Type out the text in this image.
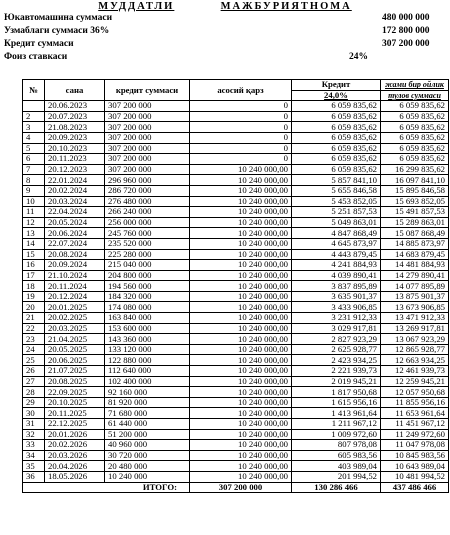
МУДДАТЛИ	МАЖБУРИЯТНОМА
Юкавтомашина суммаси	480 000 000
Узмаблаги суммаси 36%	172 800 000
Кредит суммаси	307 200 000
Фоиз ставкаси	24%
№	сана	кредит суммаси	асосий қарз	Кредит	жами бир ойлик
				24,0%	тулов суммаси
	20.06.2023	307 200 000	0	6 059 835,62	6 059 835,62
2	20.07.2023	307 200 000	0	6 059 835,62	6 059 835,62
3	21.08.2023	307 200 000	0	6 059 835,62	6 059 835,62
4	20.09.2023	307 200 000	0	6 059 835,62	6 059 835,62
5	20.10.2023	307 200 000	0	6 059 835,62	6 059 835,62
6	20.11.2023	307 200 000	0	6 059 835,62	6 059 835,62
7	20.12.2023	307 200 000	10 240 000,00	6 059 835,62	16 299 835,62
8	22.01.2024	296 960 000	10 240 000,00	5 857 841,10	16 097 841,10
9	20.02.2024	286 720 000	10 240 000,00	5 655 846,58	15 895 846,58
10	20.03.2024	276 480 000	10 240 000,00	5 453 852,05	15 693 852,05
11	22.04.2024	266 240 000	10 240 000,00	5 251 857,53	15 491 857,53
12	20.05.2024	256 000 000	10 240 000,00	5 049 863,01	15 289 863,01
13	20.06.2024	245 760 000	10 240 000,00	4 847 868,49	15 087 868,49
14	22.07.2024	235 520 000	10 240 000,00	4 645 873,97	14 885 873,97
15	20.08.2024	225 280 000	10 240 000,00	4 443 879,45	14 683 879,45
16	20.09.2024	215 040 000	10 240 000,00	4 241 884,93	14 481 884,93
17	21.10.2024	204 800 000	10 240 000,00	4 039 890,41	14 279 890,41
18	20.11.2024	194 560 000	10 240 000,00	3 837 895,89	14 077 895,89
19	20.12.2024	184 320 000	10 240 000,00	3 635 901,37	13 875 901,37
20	20.01.2025	174 080 000	10 240 000,00	3 433 906,85	13 673 906,85
21	20.02.2025	163 840 000	10 240 000,00	3 231 912,33	13 471 912,33
22	20.03.2025	153 600 000	10 240 000,00	3 029 917,81	13 269 917,81
23	21.04.2025	143 360 000	10 240 000,00	2 827 923,29	13 067 923,29
24	20.05.2025	133 120 000	10 240 000,00	2 625 928,77	12 865 928,77
25	20.06.2025	122 880 000	10 240 000,00	2 423 934,25	12 663 934,25
26	21.07.2025	112 640 000	10 240 000,00	2 221 939,73	12 461 939,73
27	20.08.2025	102 400 000	10 240 000,00	2 019 945,21	12 259 945,21
28	22.09.2025	92 160 000	10 240 000,00	1 817 950,68	12 057 950,68
29	20.10.2025	81 920 000	10 240 000,00	1 615 956,16	11 855 956,16
30	20.11.2025	71 680 000	10 240 000,00	1 413 961,64	11 653 961,64
31	22.12.2025	61 440 000	10 240 000,00	1 211 967,12	11 451 967,12
32	20.01.2026	51 200 000	10 240 000,00	1 009 972,60	11 249 972,60
33	20.02.2026	40 960 000	10 240 000,00	807 978,08	11 047 978,08
34	20.03.2026	30 720 000	10 240 000,00	605 983,56	10 845 983,56
35	20.04.2026	20 480 000	10 240 000,00	403 989,04	10 643 989,04
36	18.05.2026	10 240 000	10 240 000,00	201 994,52	10 481 994,52
ИТОГО:			307 200 000	130 286 466	437 486 466
